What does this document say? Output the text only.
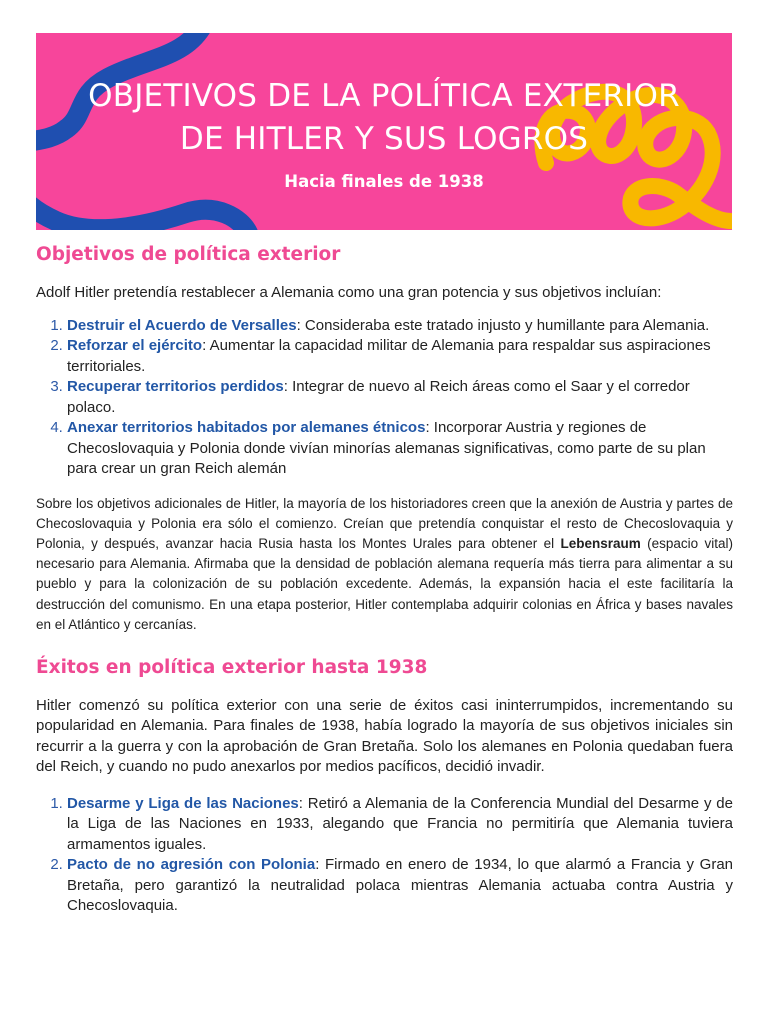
OBJETIVOS DE LA POLÍTICA EXTERIOR
DE HITLER Y SUS LOGROS
Hacia finales de 1938
Objetivos de política exterior

Adolf Hitler pretendía restablecer a Alemania como una gran potencia y sus objetivos incluían:

1. Destruir el Acuerdo de Versalles: Consideraba este tratado injusto y humillante para Alemania.
2. Reforzar el ejército: Aumentar la capacidad militar de Alemania para respaldar sus aspiraciones territoriales.
3. Recuperar territorios perdidos: Integrar de nuevo al Reich áreas como el Saar y el corredor polaco.
4. Anexar territorios habitados por alemanes étnicos: Incorporar Austria y regiones de Checoslovaquia y Polonia donde vivían minorías alemanas significativas, como parte de su plan para crear un gran Reich alemán

Sobre los objetivos adicionales de Hitler, la mayoría de los historiadores creen que la anexión de Austria y partes de Checoslovaquia y Polonia era sólo el comienzo. Creían que pretendía conquistar el resto de Checoslovaquia y Polonia, y después, avanzar hacia Rusia hasta los Montes Urales para obtener el Lebensraum (espacio vital) necesario para Alemania. Afirmaba que la densidad de población alemana requería más tierra para alimentar a su pueblo y para la colonización de su población excedente. Además, la expansión hacia el este facilitaría la destrucción del comunismo. En una etapa posterior, Hitler contemplaba adquirir colonias en África y bases navales en el Atlántico y cercanías.

Éxitos en política exterior hasta 1938

Hitler comenzó su política exterior con una serie de éxitos casi ininterrumpidos, incrementando su popularidad en Alemania. Para finales de 1938, había logrado la mayoría de sus objetivos iniciales sin recurrir a la guerra y con la aprobación de Gran Bretaña. Solo los alemanes en Polonia quedaban fuera del Reich, y cuando no pudo anexarlos por medios pacíficos, decidió invadir.

1. Desarme y Liga de las Naciones: Retiró a Alemania de la Conferencia Mundial del Desarme y de la Liga de las Naciones en 1933, alegando que Francia no permitiría que Alemania tuviera armamentos iguales.
2. Pacto de no agresión con Polonia: Firmado en enero de 1934, lo que alarmó a Francia y Gran Bretaña, pero garantizó la neutralidad polaca mientras Alemania actuaba contra Austria y Checoslovaquia.
